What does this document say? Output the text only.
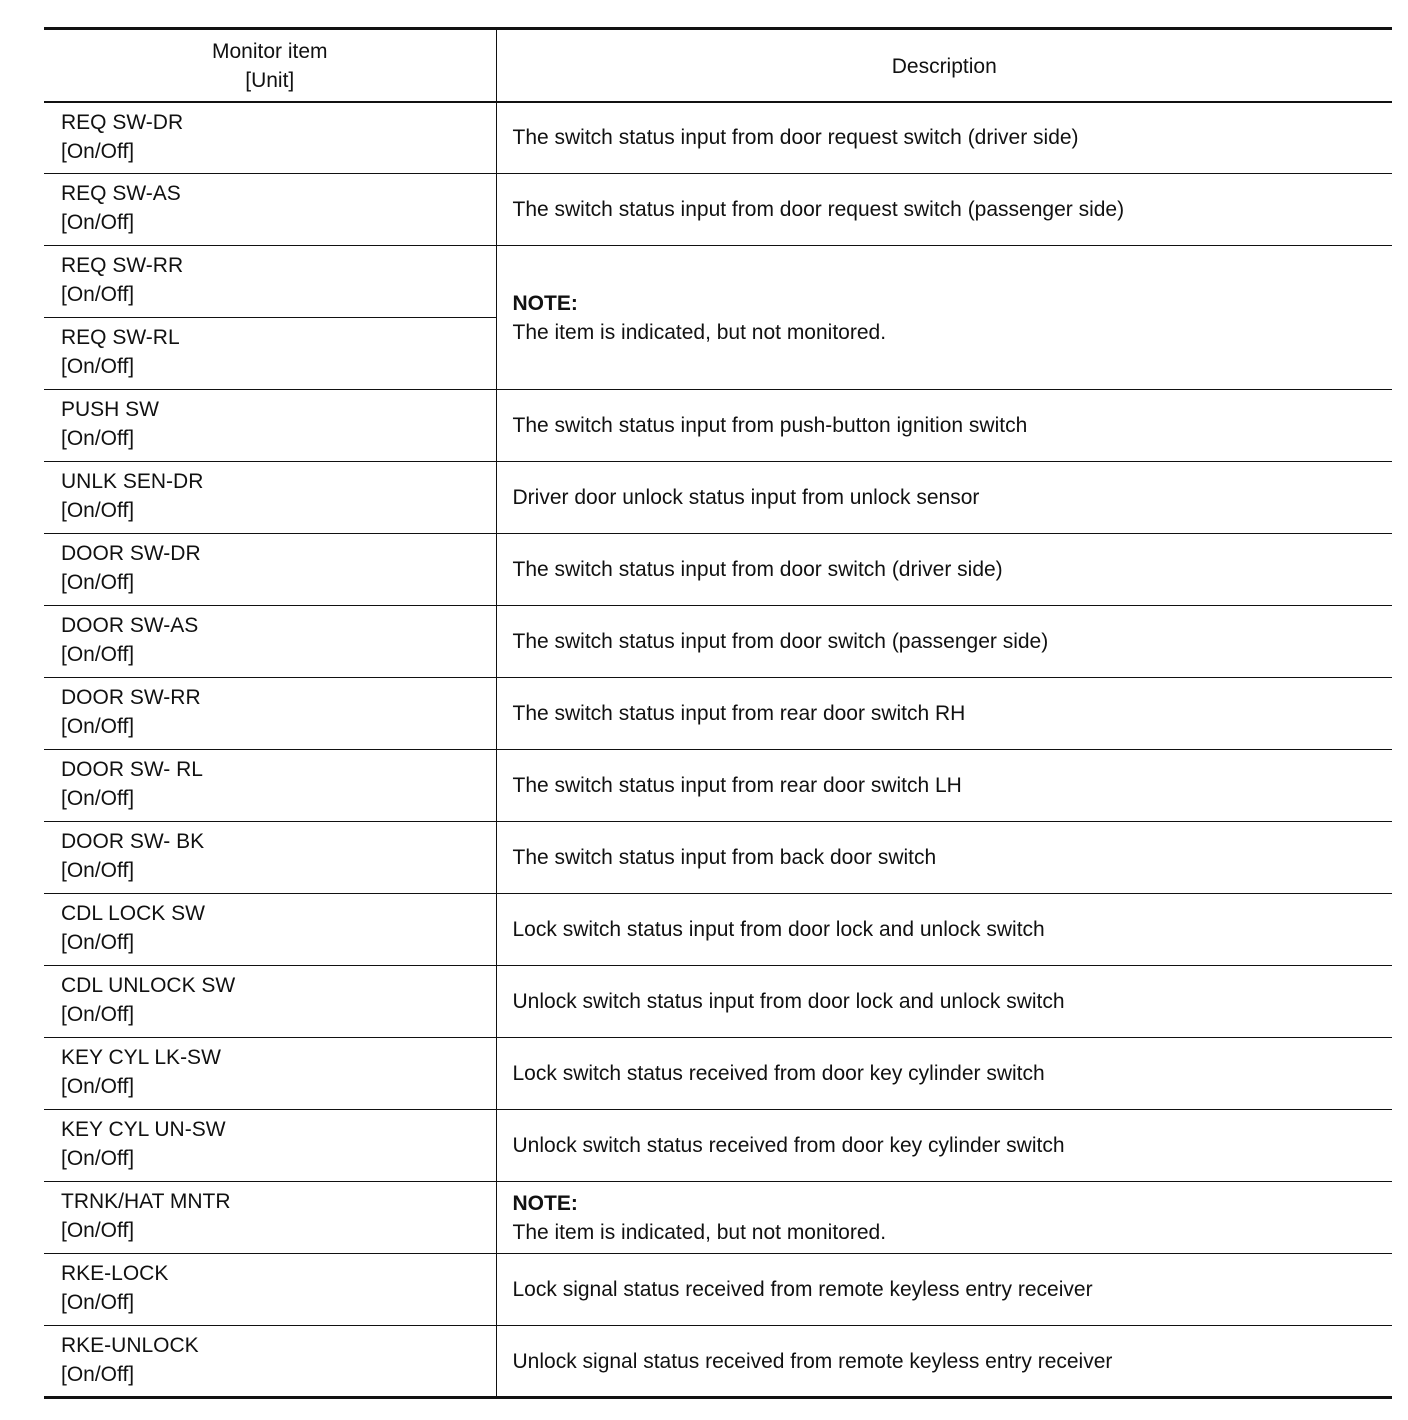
Monitor item
[Unit]	Description

REQ SW-DR
[On/Off]	The switch status input from door request switch (driver side)

REQ SW-AS
[On/Off]	The switch status input from door request switch (passenger side)

REQ SW-RR
[On/Off]	NOTE:
The item is indicated, but not monitored.

REQ SW-RL
[On/Off]	

PUSH SW
[On/Off]	The switch status input from push-button ignition switch

UNLK SEN-DR
[On/Off]	Driver door unlock status input from unlock sensor

DOOR SW-DR
[On/Off]	The switch status input from door switch (driver side)

DOOR SW-AS
[On/Off]	The switch status input from door switch (passenger side)

DOOR SW-RR
[On/Off]	The switch status input from rear door switch RH

DOOR SW- RL
[On/Off]	The switch status input from rear door switch LH

DOOR SW- BK
[On/Off]	The switch status input from back door switch

CDL LOCK SW
[On/Off]	Lock switch status input from door lock and unlock switch

CDL UNLOCK SW
[On/Off]	Unlock switch status input from door lock and unlock switch

KEY CYL LK-SW
[On/Off]	Lock switch status received from door key cylinder switch

KEY CYL UN-SW
[On/Off]	Unlock switch status received from door key cylinder switch

TRNK/HAT MNTR
[On/Off]	NOTE:
The item is indicated, but not monitored.

RKE-LOCK
[On/Off]	Lock signal status received from remote keyless entry receiver

RKE-UNLOCK
[On/Off]	Unlock signal status received from remote keyless entry receiver
